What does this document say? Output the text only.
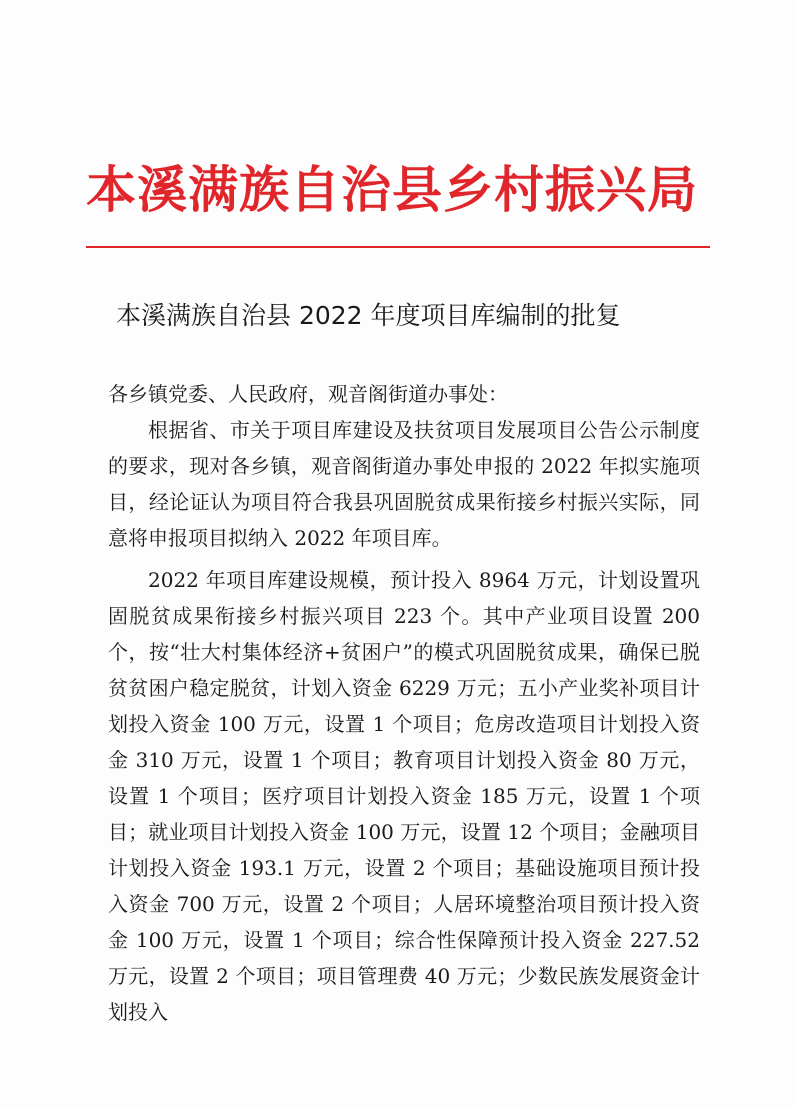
本溪满族自治县乡村振兴局
本溪满族自治县 2022 年度项目库编制的批复

各乡镇党委、人民政府，观音阁街道办事处：

根据省、市关于项目库建设及扶贫项目发展项目公告公示制度的要求，现对各乡镇，观音阁街道办事处申报的 2022 年拟实施项目，经论证认为项目符合我县巩固脱贫成果衔接乡村振兴实际，同意将申报项目拟纳入 2022 年项目库。

2022 年项目库建设规模，预计投入 8964 万元，计划设置巩固脱贫成果衔接乡村振兴项目 223 个。其中产业项目设置 200 个，按“壮大村集体经济+贫困户”的模式巩固脱贫成果，确保已脱贫贫困户稳定脱贫，计划入资金 6229 万元；五小产业奖补项目计划投入资金 100 万元，设置 1 个项目；危房改造项目计划投入资金 310 万元，设置 1 个项目；教育项目计划投入资金 80 万元，设置 1 个项目；医疗项目计划投入资金 185 万元，设置 1 个项目；就业项目计划投入资金 100 万元，设置 12 个项目；金融项目计划投入资金 193.1 万元，设置 2 个项目；基础设施项目预计投入资金 700 万元，设置 2 个项目；人居环境整治项目预计投入资金 100 万元，设置 1 个项目；综合性保障预计投入资金 227.52 万元，设置 2 个项目；项目管理费 40 万元；少数民族发展资金计划投入
